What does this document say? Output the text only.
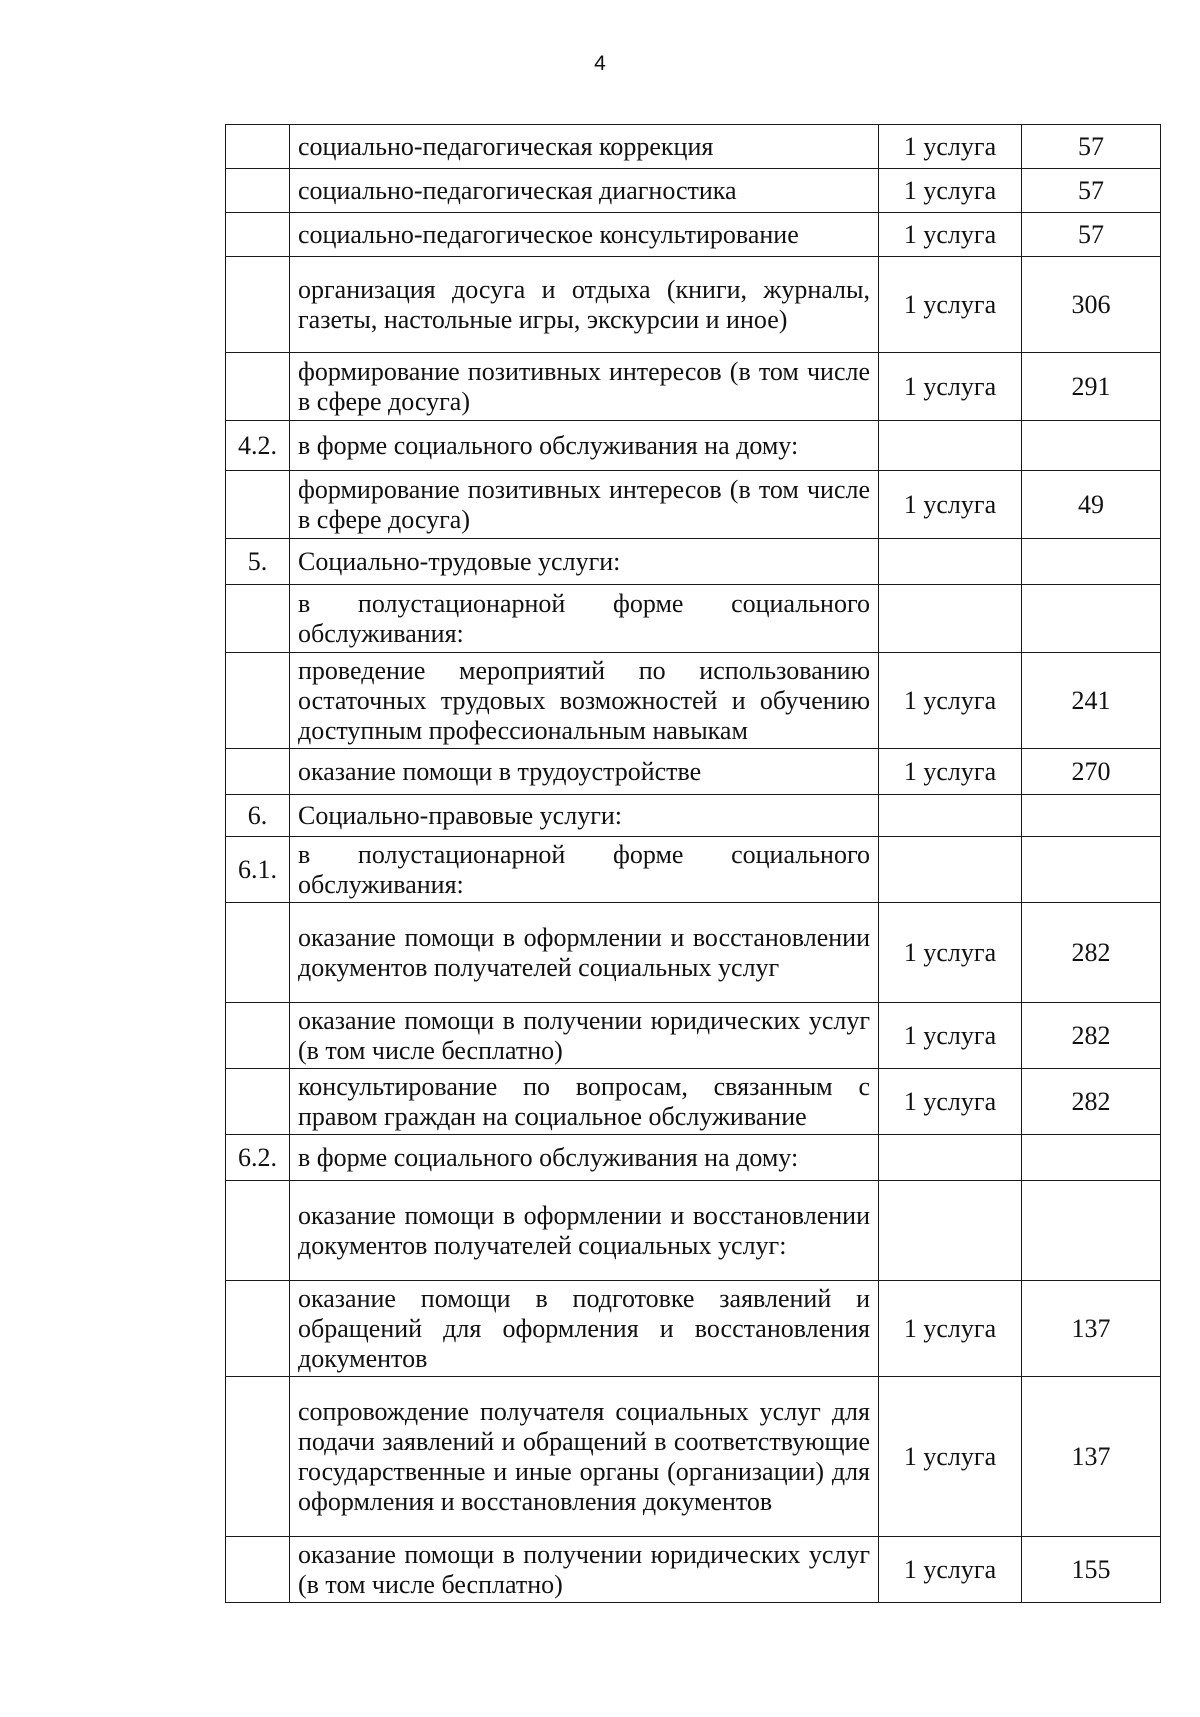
4
	социально-педагогическая коррекция	1 услуга	57
	социально-педагогическая диагностика	1 услуга	57
	социально-педагогическое консультирование	1 услуга	57
	организация досуга и отдыха (книги, журналы, газеты, настольные игры, экскурсии и иное)	1 услуга	306
	формирование позитивных интересов (в том числе в сфере досуга)	1 услуга	291
4.2.	в форме социального обслуживания на дому:		
	формирование позитивных интересов (в том числе в сфере досуга)	1 услуга	49
5.	Социально-трудовые услуги:		
	в полустационарной форме социального обслуживания:		
	проведение мероприятий по использованию остаточных трудовых возможностей и обучению доступным профессиональным навыкам	1 услуга	241
	оказание помощи в трудоустройстве	1 услуга	270
6.	Социально-правовые услуги:		
6.1.	в полустационарной форме социального обслуживания:		
	оказание помощи в оформлении и восстановлении документов получателей социальных услуг	1 услуга	282
	оказание помощи в получении юридических услуг (в том числе бесплатно)	1 услуга	282
	консультирование по вопросам, связанным с правом граждан на социальное обслуживание	1 услуга	282
6.2.	в форме социального обслуживания на дому:		
	оказание помощи в оформлении и восстановлении документов получателей социальных услуг:		
	оказание помощи в подготовке заявлений и обращений для оформления и восстановления документов	1 услуга	137
	сопровождение получателя социальных услуг для подачи заявлений и обращений в соответствующие государственные и иные органы (организации) для оформления и восстановления документов	1 услуга	137
	оказание помощи в получении юридических услуг (в том числе бесплатно)	1 услуга	155
